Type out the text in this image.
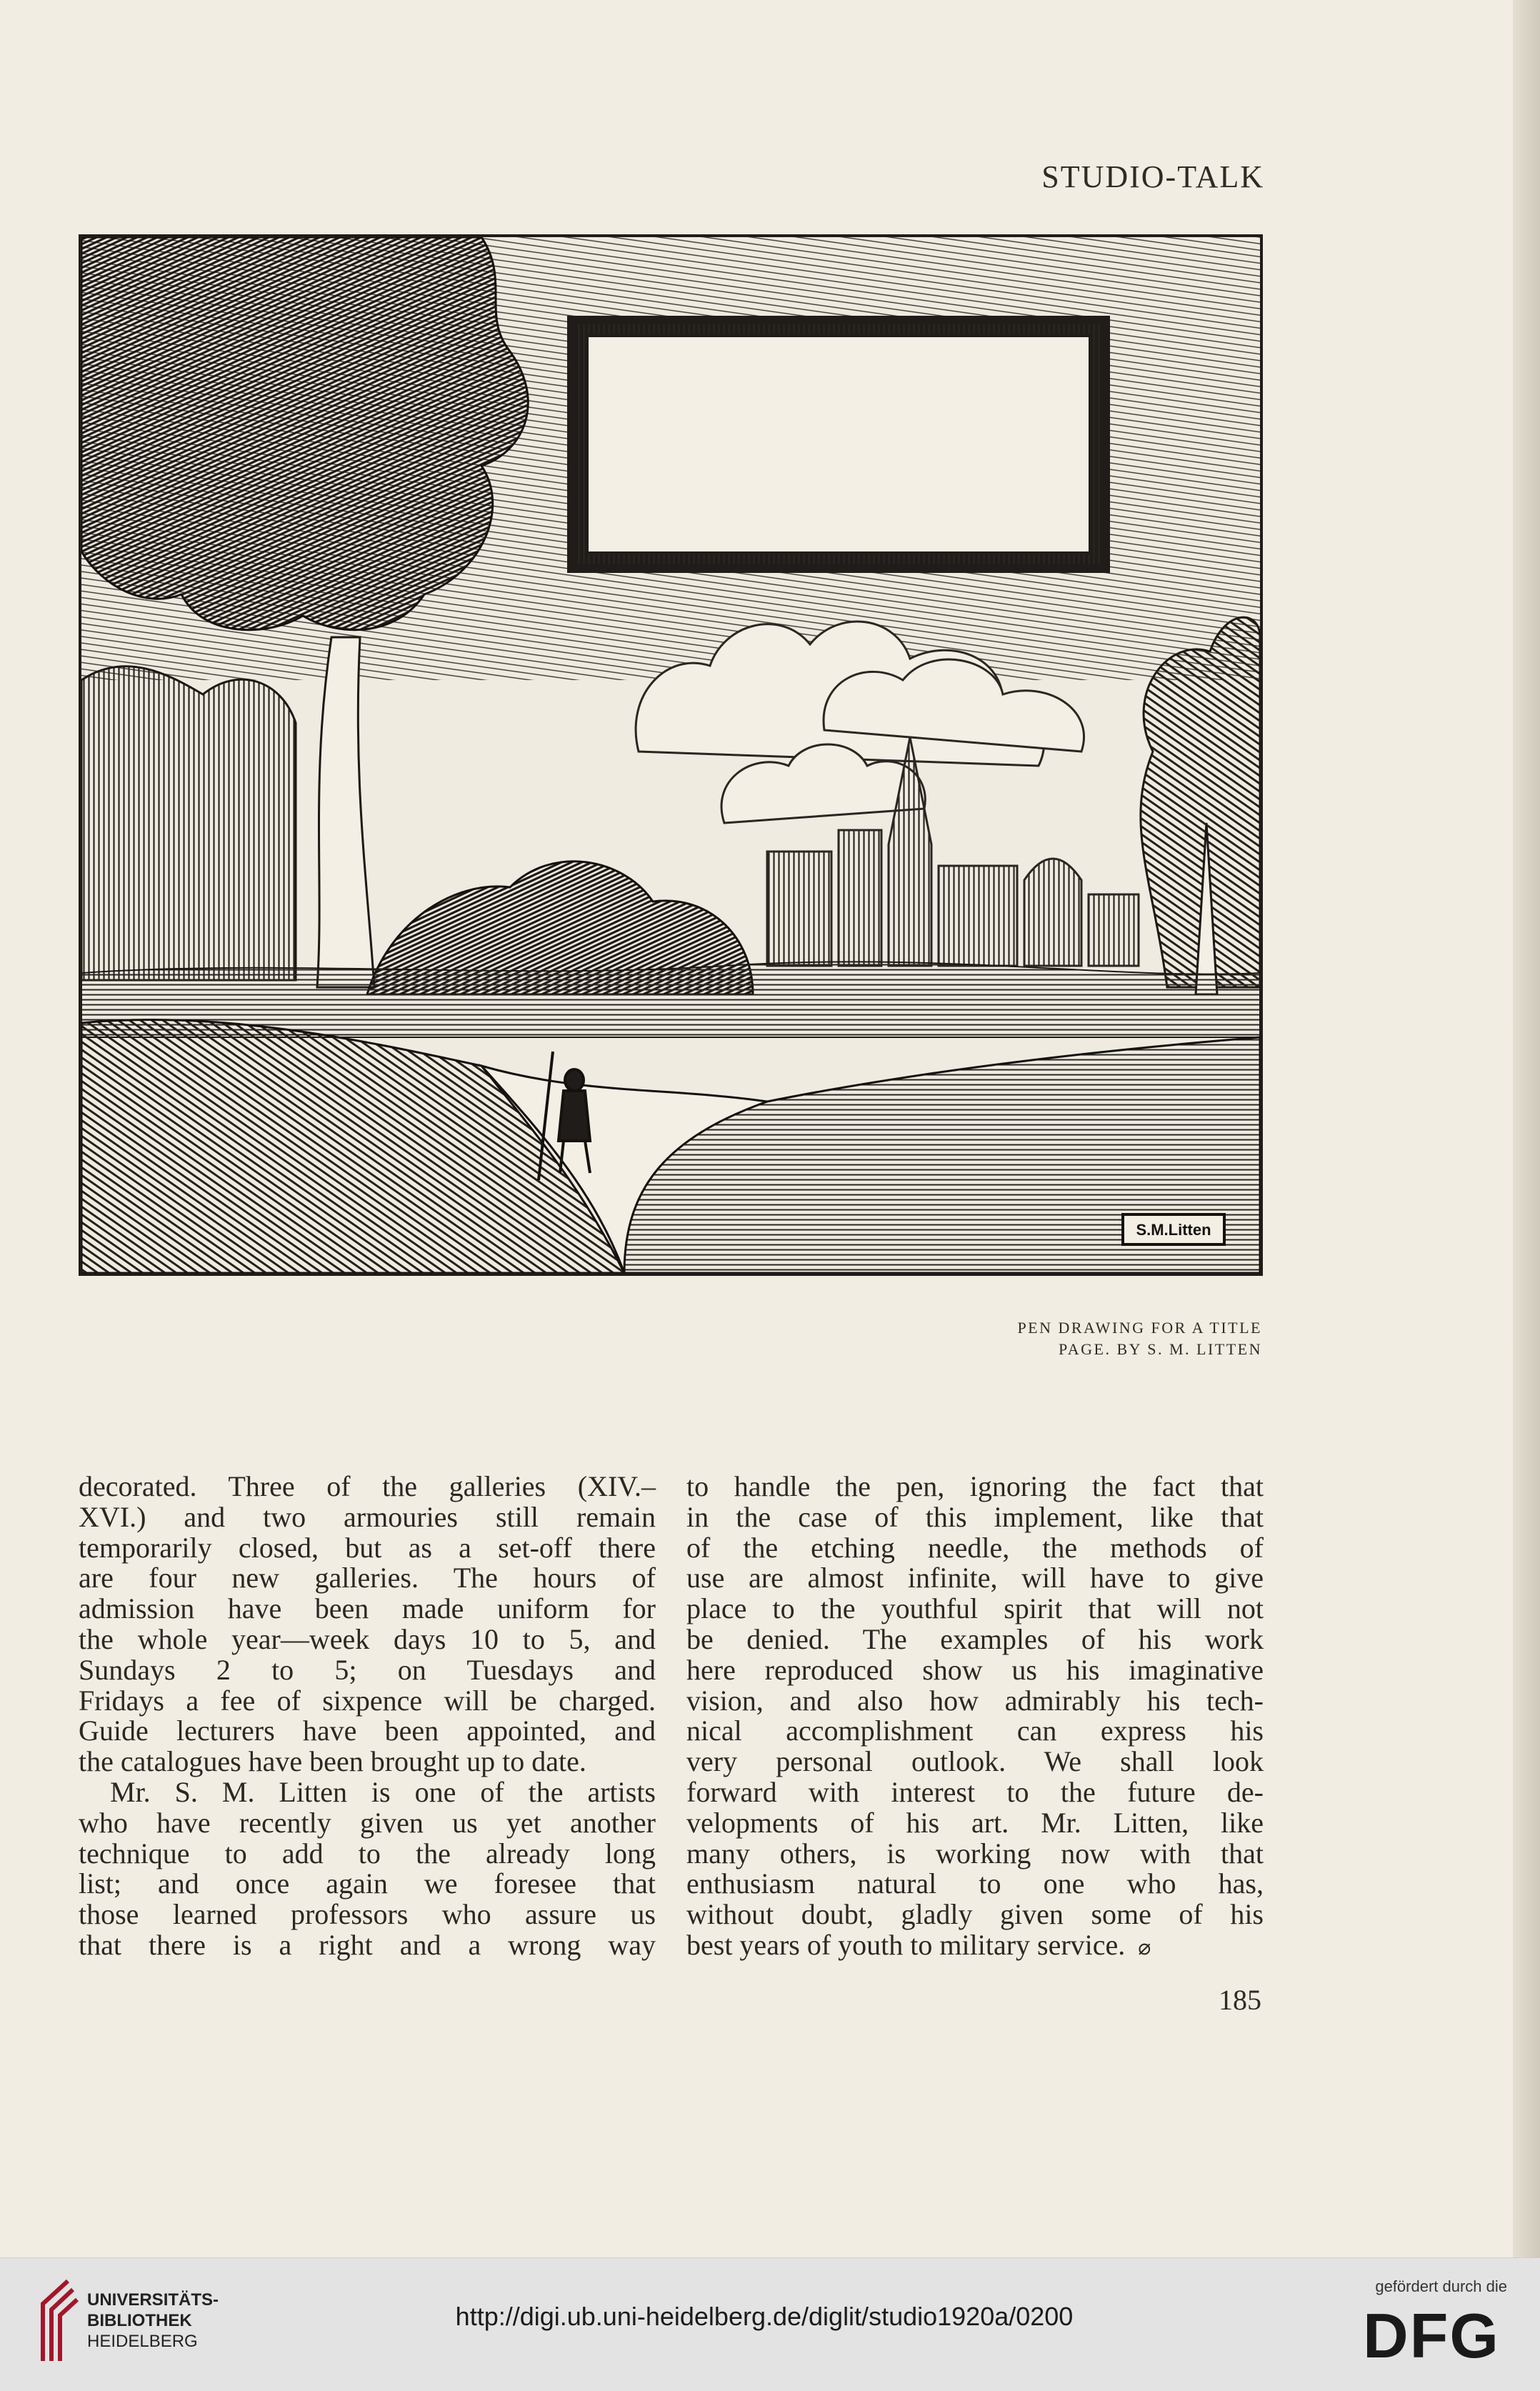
STUDIO-TALK
S.M.Litten
PEN DRAWING FOR A TITLE
PAGE. BY S. M. LITTEN
decorated. Three of the galleries (XIV.–
XVI.) and two armouries still remain
temporarily closed, but as a set-off there
are four new galleries. The hours of
admission have been made uniform for
the whole year—week days 10 to 5, and
Sundays 2 to 5; on Tuesdays and
Fridays a fee of sixpence will be charged.
Guide lecturers have been appointed, and
the catalogues have been brought up to date.
Mr. S. M. Litten is one of the artists
who have recently given us yet another
technique to add to the already long
list; and once again we foresee that
those learned professors who assure us
that there is a right and a wrong way
to handle the pen, ignoring the fact that
in the case of this implement, like that
of the etching needle, the methods of
use are almost infinite, will have to give
place to the youthful spirit that will not
be denied. The examples of his work
here reproduced show us his imaginative
vision, and also how admirably his tech-
nical accomplishment can express his
very personal outlook. We shall look
forward with interest to the future de-
velopments of his art. Mr. Litten, like
many others, is working now with that
enthusiasm natural to one who has,
without doubt, gladly given some of his
best years of youth to military service. ⌀
185
UNIVERSITÄTS-
BIBLIOTHEK
HEIDELBERG
http://digi.ub.uni-heidelberg.de/diglit/studio1920a/0200
gefördert durch die
DFG
